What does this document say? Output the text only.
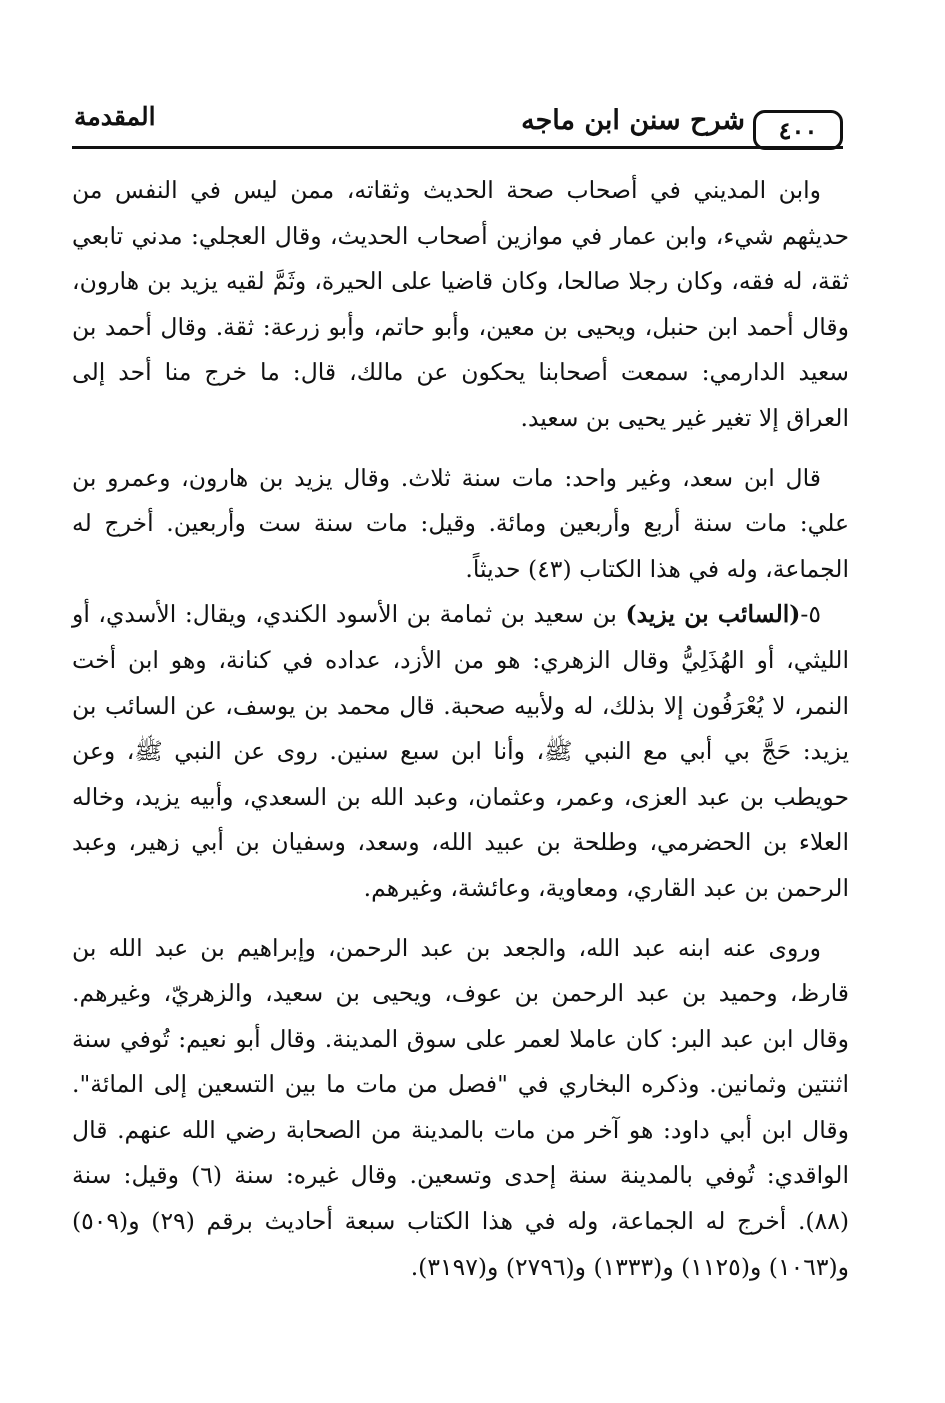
المقدمة	شرح سنن ابن ماجه	٤٠٠

وابن المديني في أصحاب صحة الحديث وثقاته، ممن ليس في النفس من حديثهم شيء، وابن عمار في موازين أصحاب الحديث، وقال العجلي: مدني تابعي ثقة، له فقه، وكان رجلا صالحا، وكان قاضيا على الحيرة، وثَمَّ لقيه يزيد بن هارون، وقال أحمد ابن حنبل، ويحيى بن معين، وأبو حاتم، وأبو زرعة: ثقة. وقال أحمد بن سعيد الدارمي: سمعت أصحابنا يحكون عن مالك، قال: ما خرج منا أحد إلى العراق إلا تغير غير يحيى بن سعيد.

قال ابن سعد، وغير واحد: مات سنة ثلاث. وقال يزيد بن هارون، وعمرو بن علي: مات سنة أربع وأربعين ومائة. وقيل: مات سنة ست وأربعين. أخرج له الجماعة، وله في هذا الكتاب (٤٣) حديثاً.

٥-(السائب بن يزيد) بن سعيد بن ثمامة بن الأسود الكندي، ويقال: الأسدي، أو الليثي، أو الهُذَلِيُّ وقال الزهري: هو من الأزد، عداده في كنانة، وهو ابن أخت النمر، لا يُعْرَفُون إلا بذلك، له ولأبيه صحبة. قال محمد بن يوسف، عن السائب بن يزيد: حَجَّ بي أبي مع النبي ﷺ، وأنا ابن سبع سنين. روى عن النبي ﷺ، وعن حويطب بن عبد العزى، وعمر، وعثمان، وعبد الله بن السعدي، وأبيه يزيد، وخاله العلاء بن الحضرمي، وطلحة بن عبيد الله، وسعد، وسفيان بن أبي زهير، وعبد الرحمن بن عبد القاري، ومعاوية، وعائشة، وغيرهم.

وروى عنه ابنه عبد الله، والجعد بن عبد الرحمن، وإبراهيم بن عبد الله بن قارظ، وحميد بن عبد الرحمن بن عوف، ويحيى بن سعيد، والزهريّ، وغيرهم. وقال ابن عبد البر: كان عاملا لعمر على سوق المدينة. وقال أبو نعيم: تُوفي سنة اثنتين وثمانين. وذكره البخاري في "فصل من مات ما بين التسعين إلى المائة". وقال ابن أبي داود: هو آخر من مات بالمدينة من الصحابة رضي الله عنهم. قال الواقدي: تُوفي بالمدينة سنة إحدى وتسعين. وقال غيره: سنة (٦) وقيل: سنة (٨٨). أخرج له الجماعة، وله في هذا الكتاب سبعة أحاديث برقم (٢٩) و(٥٠٩) و(١٠٦٣) و(١١٢٥) و(١٣٣٣) و(٢٧٩٦) و(٣١٩٧).
